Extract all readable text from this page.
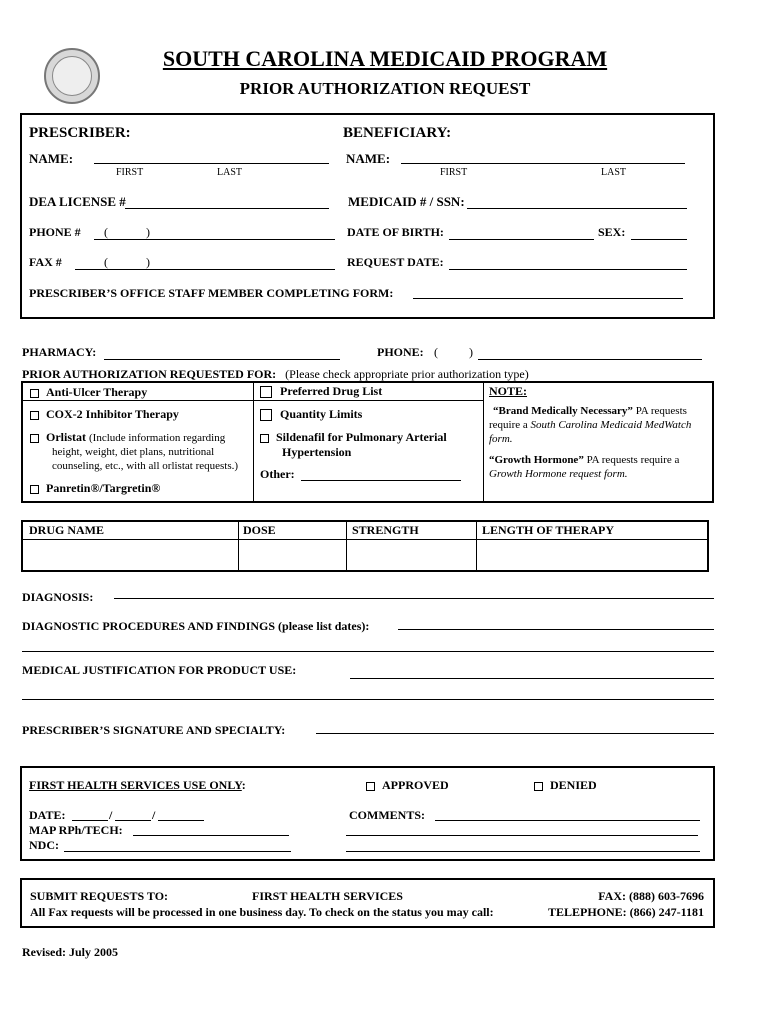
SOUTH CAROLINA MEDICAID PROGRAM
PRIOR AUTHORIZATION REQUEST
PRESCRIBER:	BENEFICIARY:
NAME:
FIRST	LAST
NAME:
FIRST	LAST
DEA LICENSE #	MEDICAID # / SSN:
PHONE # (	)	DATE OF BIRTH:	SEX:
FAX #	(	)	REQUEST DATE:
PRESCRIBER’S OFFICE STAFF MEMBER COMPLETING FORM:
PHARMACY:	PHONE: (	)
PRIOR AUTHORIZATION REQUESTED FOR: (Please check appropriate prior authorization type)
Anti-Ulcer Therapy
COX-2 Inhibitor Therapy
Orlistat (Include information regarding
height, weight, diet plans, nutritional
counseling, etc., with all orlistat requests.)
Panretin®/Targretin®
Preferred Drug List
Quantity Limits
Sildenafil for Pulmonary Arterial
Hypertension
Other:
NOTE:
“Brand Medically Necessary” PA requests
require a South Carolina Medicaid MedWatch
form.
“Growth Hormone” PA requests require a
Growth Hormone request form.
DRUG NAME	DOSE	STRENGTH	LENGTH OF THERAPY
DIAGNOSIS:
DIAGNOSTIC PROCEDURES AND FINDINGS (please list dates):
MEDICAL JUSTIFICATION FOR PRODUCT USE:
PRESCRIBER’S SIGNATURE AND SPECIALTY:
FIRST HEALTH SERVICES USE ONLY:	APPROVED	DENIED
DATE:	/	/	COMMENTS:
MAP RPh/TECH:
NDC:
SUBMIT REQUESTS TO:	FIRST HEALTH SERVICES	FAX: (888) 603-7696
All Fax requests will be processed in one business day. To check on the status you may call:	TELEPHONE: (866) 247-1181
Revised: July 2005
